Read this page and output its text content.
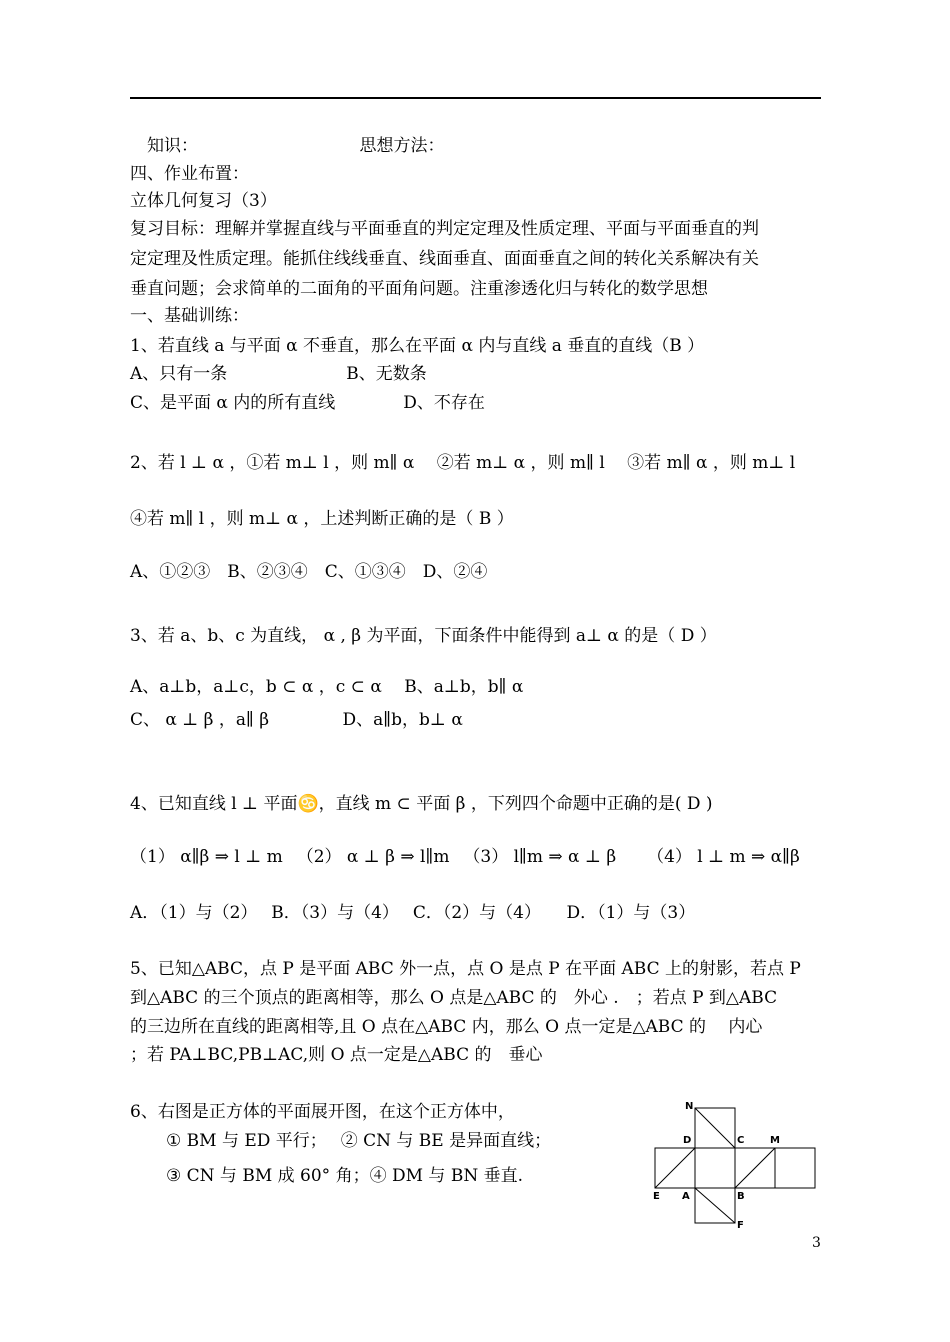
　知识：　　　　　　　　　　思想方法：
四、作业布置：
立体几何复习（3）
复习目标：理解并掌握直线与平面垂直的判定定理及性质定理、平面与平面垂直的判
定定理及性质定理。能抓住线线垂直、线面垂直、面面垂直之间的转化关系解决有关
垂直问题；会求简单的二面角的平面角问题。注重渗透化归与转化的数学思想
一、基础训练：
1、若直线 a 与平面 α 不垂直，那么在平面 α 内与直线 a 垂直的直线（B ）
A、只有一条　　　　　　　B、无数条
C、是平面 α 内的所有直线　　　　D、不存在
2、若 l ⊥ α ，①若 m⊥ l ，则 m∥ α 　②若 m⊥ α ，则 m∥ l 　③若 m∥ α ，则 m⊥ l
④若 m∥ l ，则 m⊥ α ，上述判断正确的是（ B ）
A、①②③　B、②③④　C、①③④　D、②④
3、若 a、b、c 为直线， α , β 为平面，下面条件中能得到 a⊥ α 的是（ D ）
A、a⊥b，a⊥c，b ⊂ α ，c ⊂ α 　B、a⊥b，b∥ α
C、 α ⊥ β ，a∥ β 　　　　D、a∥b，b⊥ α
4、已知直线 l ⊥ 平面♋，直线 m ⊂ 平面 β ，下列四个命题中正确的是( D )
（1） α∥β ⇒ l ⊥ m 　（2） α ⊥ β ⇒ l∥m 　（3） l∥m ⇒ α ⊥ β 　　（4） l ⊥ m ⇒ α∥β
A．（1）与（2）　 B．（3）与（4）　 C．（2）与（4）　　D．（1）与（3）
5、已知△ABC，点 P 是平面 ABC 外一点，点 O 是点 P 在平面 ABC 上的射影，若点 P
到△ABC 的三个顶点的距离相等，那么 O 点是△ABC 的　外心 .　；若点 P 到△ABC
的三边所在直线的距离相等,且 O 点在△ABC 内，那么 O 点一定是△ABC 的　 内心
；若 PA⊥BC,PB⊥AC,则 O 点一定是△ABC 的　垂心
6、右图是正方体的平面展开图，在这个正方体中，
① BM 与 ED 平行；　 ② CN 与 BE 是异面直线；
③ CN 与 BM 成 60° 角；④ DM 与 BN 垂直.
N
D	C	M
E A	B
F
3
